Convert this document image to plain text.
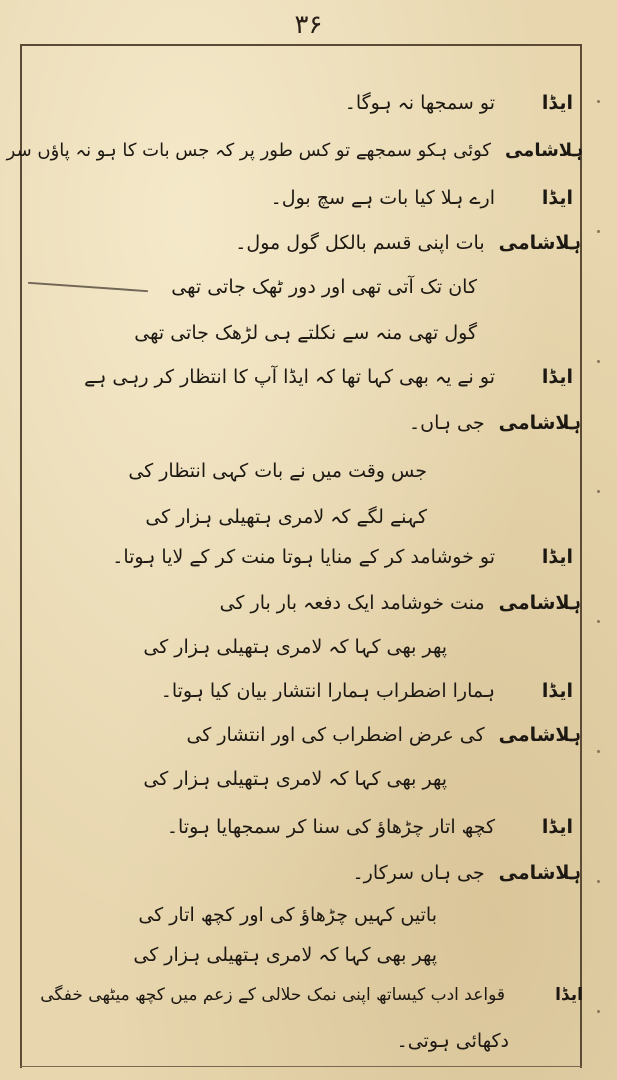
۳۶
ایڈاتو سمجھا نہ ہوگا۔
ہلاشامیکوئی ہکو سمجھے تو کس طور پر کہ جس بات کا ہو نہ پاؤں سر
ایڈاارے ہلا کیا بات ہے سچ بول۔
ہلاشامیبات اپنی قسم بالکل گول مول۔
کان تک آتی تھی اور دور ٹھک جاتی تھی
گول تھی منہ سے نکلتے ہی لڑھک جاتی تھی
ایڈاتو نے یہ بھی کہا تھا کہ ایڈا آپ کا انتظار کر رہی ہے
ہلاشامیجی ہاں۔
جس وقت میں نے بات کہی انتظار کی
کہنے لگے کہ لامری ہتھیلی ہزار کی
ایڈاتو خوشامد کر کے منایا ہوتا منت کر کے لایا ہوتا۔
ہلاشامیمنت خوشامد ایک دفعہ بار بار کی
پھر بھی کہا کہ لامری ہتھیلی ہزار کی
ایڈاہمارا اضطراب ہمارا انتشار بیان کیا ہوتا۔
ہلاشامیکی عرض اضطراب کی اور انتشار کی
پھر بھی کہا کہ لامری ہتھیلی ہزار کی
ایڈاکچھ اتار چڑھاؤ کی سنا کر سمجھایا ہوتا۔
ہلاشامیجی ہاں سرکار۔
باتیں کہیں چڑھاؤ کی اور کچھ اتار کی
پھر بھی کہا کہ لامری ہتھیلی ہزار کی
ایڈاقواعد ادب کیساتھ اپنی نمک حلالی کے زعم میں کچھ میٹھی خفگی
دکھائی ہوتی۔
